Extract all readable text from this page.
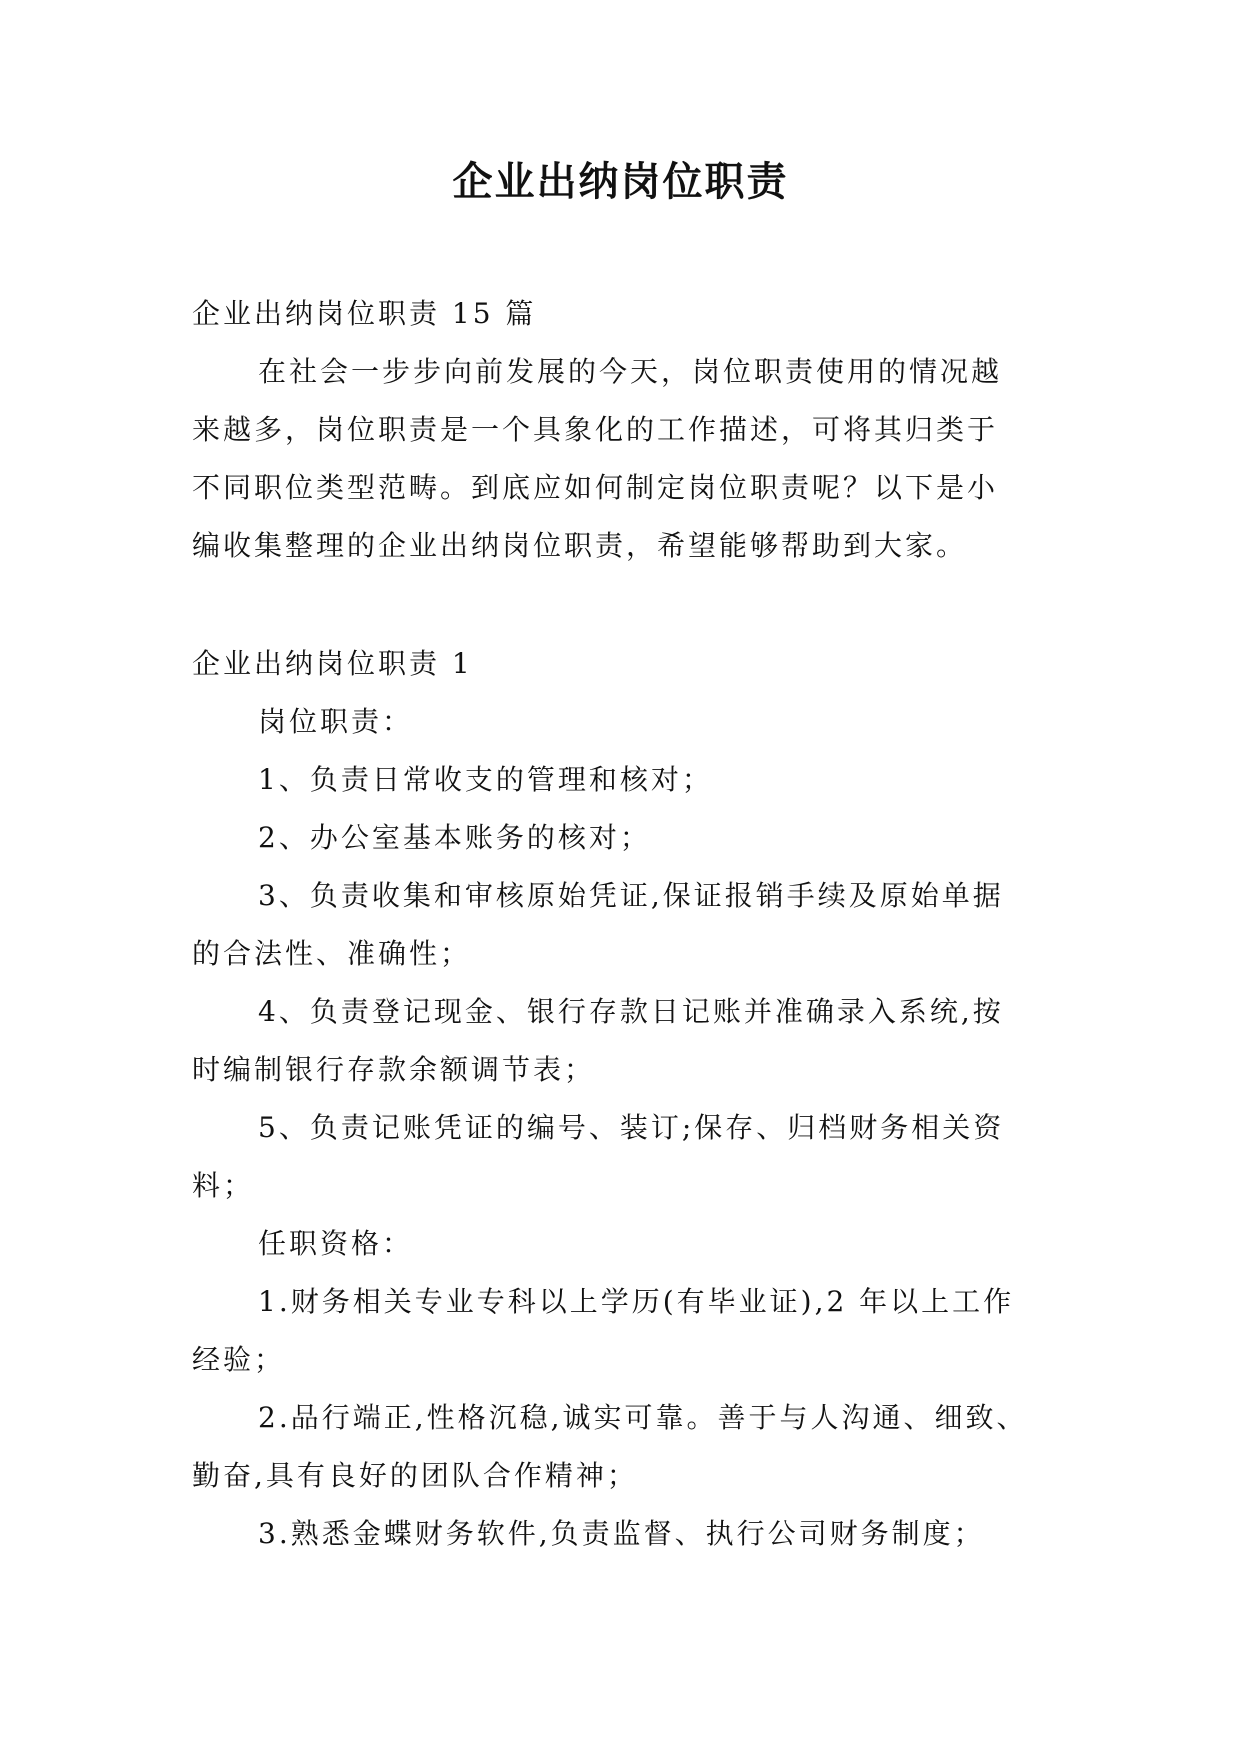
企业出纳岗位职责
企业出纳岗位职责 15 篇
在社会一步步向前发展的今天，岗位职责使用的情况越
来越多，岗位职责是一个具象化的工作描述，可将其归类于
不同职位类型范畴。到底应如何制定岗位职责呢？以下是小
编收集整理的企业出纳岗位职责，希望能够帮助到大家。
企业出纳岗位职责 1
岗位职责：
1、负责日常收支的管理和核对；
2、办公室基本账务的核对；
3、负责收集和审核原始凭证,保证报销手续及原始单据
的合法性、准确性；
4、负责登记现金、银行存款日记账并准确录入系统,按
时编制银行存款余额调节表；
5、负责记账凭证的编号、装订;保存、归档财务相关资
料；
任职资格：
1.财务相关专业专科以上学历(有毕业证),2 年以上工作
经验；
2.品行端正,性格沉稳,诚实可靠。善于与人沟通、细致、
勤奋,具有良好的团队合作精神；
3.熟悉金蝶财务软件,负责监督、执行公司财务制度；
